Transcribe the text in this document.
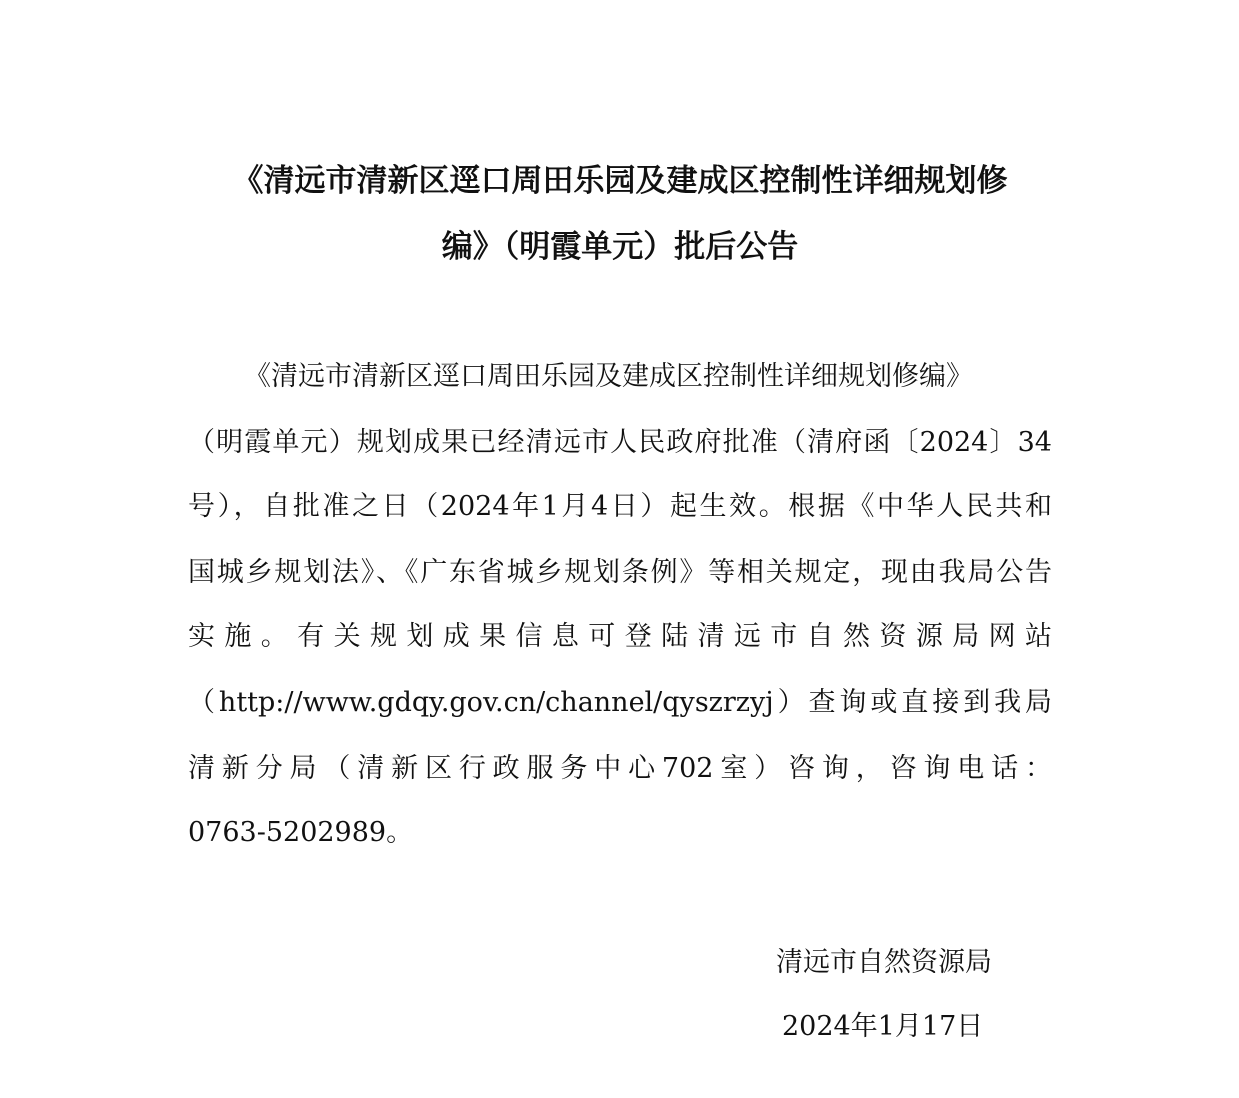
《清远市清新区逕口周田乐园及建成区控制性详细规划修
编》（明霞单元）批后公告
《清远市清新区逕口周田乐园及建成区控制性详细规划修编》
（明霞单元）规划成果已经清远市人民政府批准（清府函〔2024〕34
号），自批准之日（2024年1月4日）起生效。根据《中华人民共和
国城乡规划法》、《广东省城乡规划条例》等相关规定，现由我局公告
实施。有关规划成果信息可登陆清远市自然资源局网站
（http://www.gdqy.gov.cn/channel/qyszrzyj）查询或直接到我局
清新分局（清新区行政服务中心702室）咨询，咨询电话：
0763-5202989。
清远市自然资源局
2024年1月17日
